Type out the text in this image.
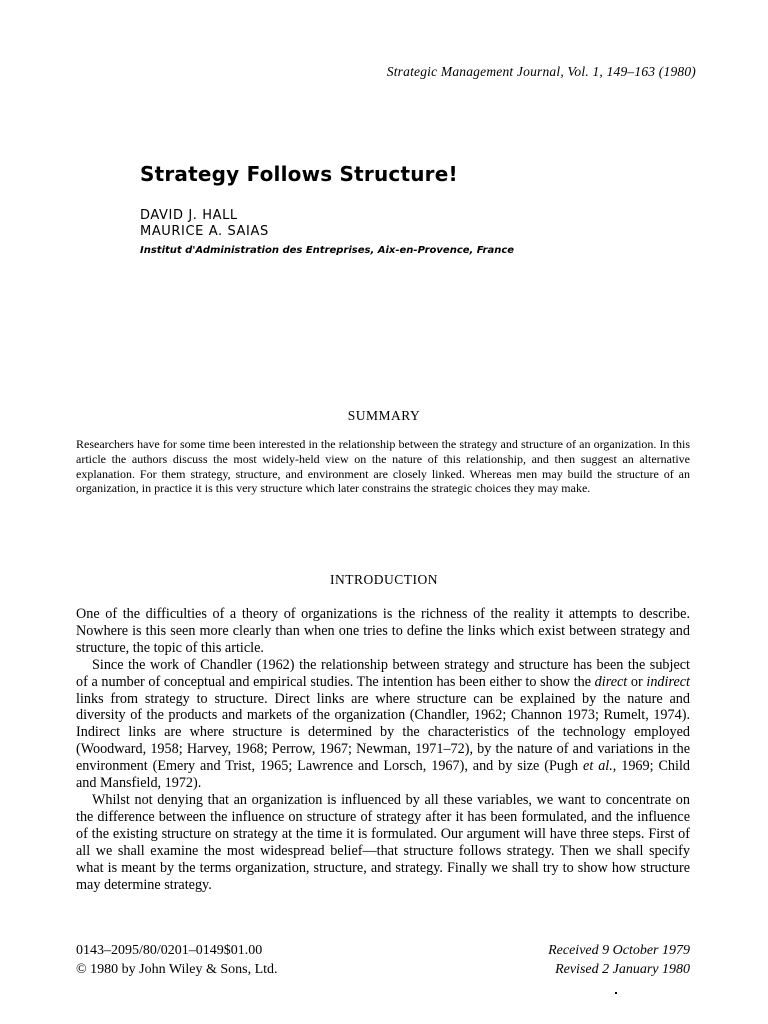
Strategic Management Journal, Vol. 1, 149–163 (1980)
Strategy Follows Structure!
DAVID J. HALL
MAURICE A. SAIAS
Institut d'Administration des Entreprises, Aix-en-Provence, France
SUMMARY

Researchers have for some time been interested in the relationship between the strategy and structure of an organization. In this article the authors discuss the most widely-held view on the nature of this relationship, and then suggest an alternative explanation. For them strategy, structure, and environment are closely linked. Whereas men may build the structure of an organization, in practice it is this very structure which later constrains the strategic choices they may make.

INTRODUCTION
One of the difficulties of a theory of organizations is the richness of the reality it attempts to describe. Nowhere is this seen more clearly than when one tries to define the links which exist between strategy and structure, the topic of this article.
Since the work of Chandler (1962) the relationship between strategy and structure has been the subject of a number of conceptual and empirical studies. The intention has been either to show the direct or indirect links from strategy to structure. Direct links are where structure can be explained by the nature and diversity of the products and markets of the organization (Chandler, 1962; Channon 1973; Rumelt, 1974). Indirect links are where structure is determined by the characteristics of the technology employed (Woodward, 1958; Harvey, 1968; Perrow, 1967; Newman, 1971–72), by the nature of and variations in the environment (Emery and Trist, 1965; Lawrence and Lorsch, 1967), and by size (Pugh et al., 1969; Child and Mansfield, 1972).
Whilst not denying that an organization is influenced by all these variables, we want to concentrate on the difference between the influence on structure of strategy after it has been formulated, and the influence of the existing structure on strategy at the time it is formulated. Our argument will have three steps. First of all we shall examine the most widespread belief—that structure follows strategy. Then we shall specify what is meant by the terms organization, structure, and strategy. Finally we shall try to show how structure may determine strategy.
0143–2095/80/0201–0149$01.00
© 1980 by John Wiley & Sons, Ltd.
Received 9 October 1979
Revised 2 January 1980
